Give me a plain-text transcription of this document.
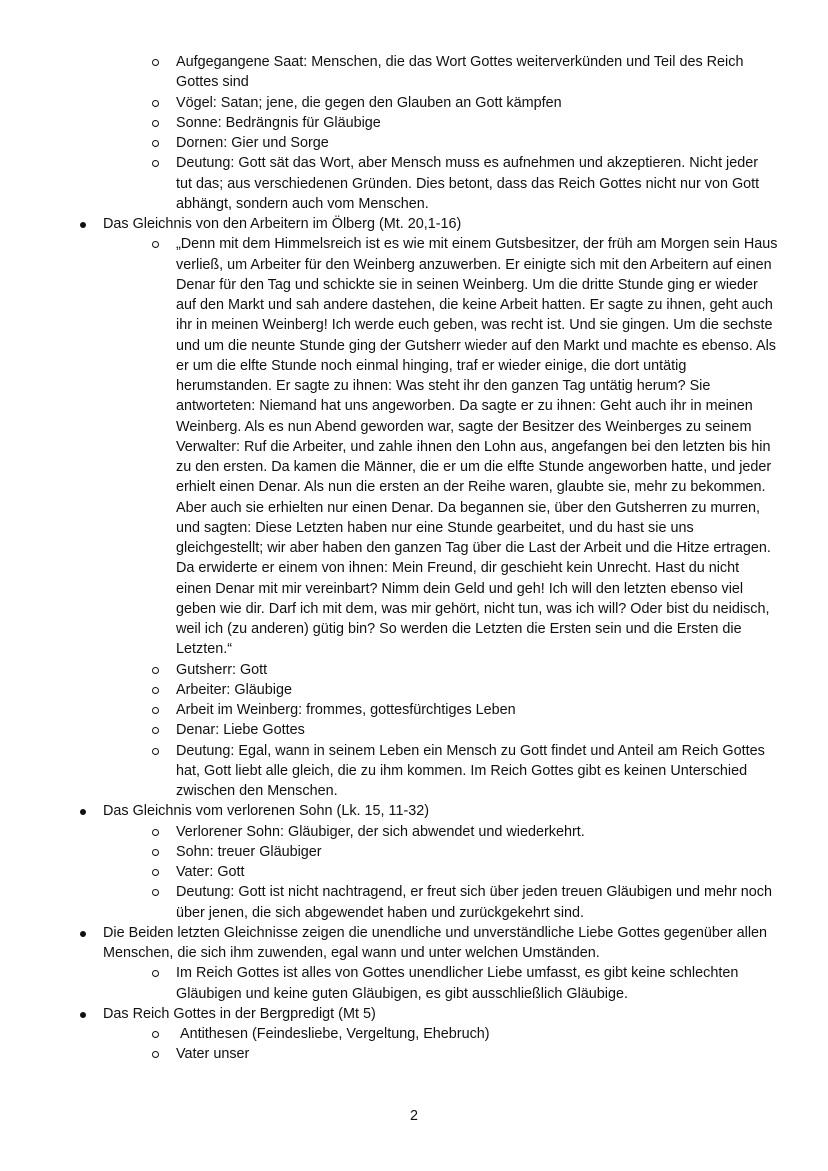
Aufgegangene Saat: Menschen, die das Wort Gottes weiterverkünden und Teil des Reich Gottes sind
Vögel: Satan; jene, die gegen den Glauben an Gott kämpfen
Sonne: Bedrängnis für Gläubige
Dornen: Gier und Sorge
Deutung: Gott sät das Wort, aber Mensch muss es aufnehmen und akzeptieren. Nicht jeder tut das; aus verschiedenen Gründen. Dies betont, dass das Reich Gottes nicht nur von Gott abhängt, sondern auch vom Menschen.
Das Gleichnis von den Arbeitern im Ölberg (Mt. 20,1-16)
„Denn mit dem Himmelsreich ist es wie mit einem Gutsbesitzer, der früh am Morgen sein Haus verließ, um Arbeiter für den Weinberg anzuwerben. Er einigte sich mit den Arbeitern auf einen Denar für den Tag und schickte sie in seinen Weinberg. Um die dritte Stunde ging er wieder auf den Markt und sah andere dastehen, die keine Arbeit hatten. Er sagte zu ihnen, geht auch ihr in meinen Weinberg! Ich werde euch geben, was recht ist. Und sie gingen. Um die sechste und um die neunte Stunde ging der Gutsherr wieder auf den Markt und machte es ebenso. Als er um die elfte Stunde noch einmal hinging, traf er wieder einige, die dort untätig herumstanden. Er sagte zu ihnen: Was steht ihr den ganzen Tag untätig herum? Sie antworteten: Niemand hat uns angeworben. Da sagte er zu ihnen: Geht auch ihr in meinen Weinberg. Als es nun Abend geworden war, sagte der Besitzer des Weinberges zu seinem Verwalter: Ruf die Arbeiter, und zahle ihnen den Lohn aus, angefangen bei den letzten bis hin zu den ersten. Da kamen die Männer, die er um die elfte Stunde angeworben hatte, und jeder erhielt einen Denar. Als nun die ersten an der Reihe waren, glaubte sie, mehr zu bekommen. Aber auch sie erhielten nur einen Denar. Da begannen sie, über den Gutsherren zu murren, und sagten: Diese Letzten haben nur eine Stunde gearbeitet, und du hast sie uns gleichgestellt; wir aber haben den ganzen Tag über die Last der Arbeit und die Hitze ertragen. Da erwiderte er einem von ihnen: Mein Freund, dir geschieht kein Unrecht. Hast du nicht einen Denar mit mir vereinbart? Nimm dein Geld und geh! Ich will den letzten ebenso viel geben wie dir. Darf ich mit dem, was mir gehört, nicht tun, was ich will? Oder bist du neidisch, weil ich (zu anderen) gütig bin? So werden die Letzten die Ersten sein und die Ersten die Letzten.“
Gutsherr: Gott
Arbeiter: Gläubige
Arbeit im Weinberg: frommes, gottesfürchtiges Leben
Denar: Liebe Gottes
Deutung: Egal, wann in seinem Leben ein Mensch zu Gott findet und Anteil am Reich Gottes hat, Gott liebt alle gleich, die zu ihm kommen. Im Reich Gottes gibt es keinen Unterschied zwischen den Menschen.
Das Gleichnis vom verlorenen Sohn (Lk. 15, 11-32)
Verlorener Sohn: Gläubiger, der sich abwendet und wiederkehrt.
Sohn: treuer Gläubiger
Vater: Gott
Deutung: Gott ist nicht nachtragend, er freut sich über jeden treuen Gläubigen und mehr noch über jenen, die sich abgewendet haben und zurückgekehrt sind.
Die Beiden letzten Gleichnisse zeigen die unendliche und unverständliche Liebe Gottes gegenüber allen Menschen, die sich ihm zuwenden, egal wann und unter welchen Umständen.
Im Reich Gottes ist alles von Gottes unendlicher Liebe umfasst, es gibt keine schlechten Gläubigen und keine guten Gläubigen, es gibt ausschließlich Gläubige.
Das Reich Gottes in der Bergpredigt (Mt 5)
Antithesen (Feindesliebe, Vergeltung, Ehebruch)
Vater unser
2
